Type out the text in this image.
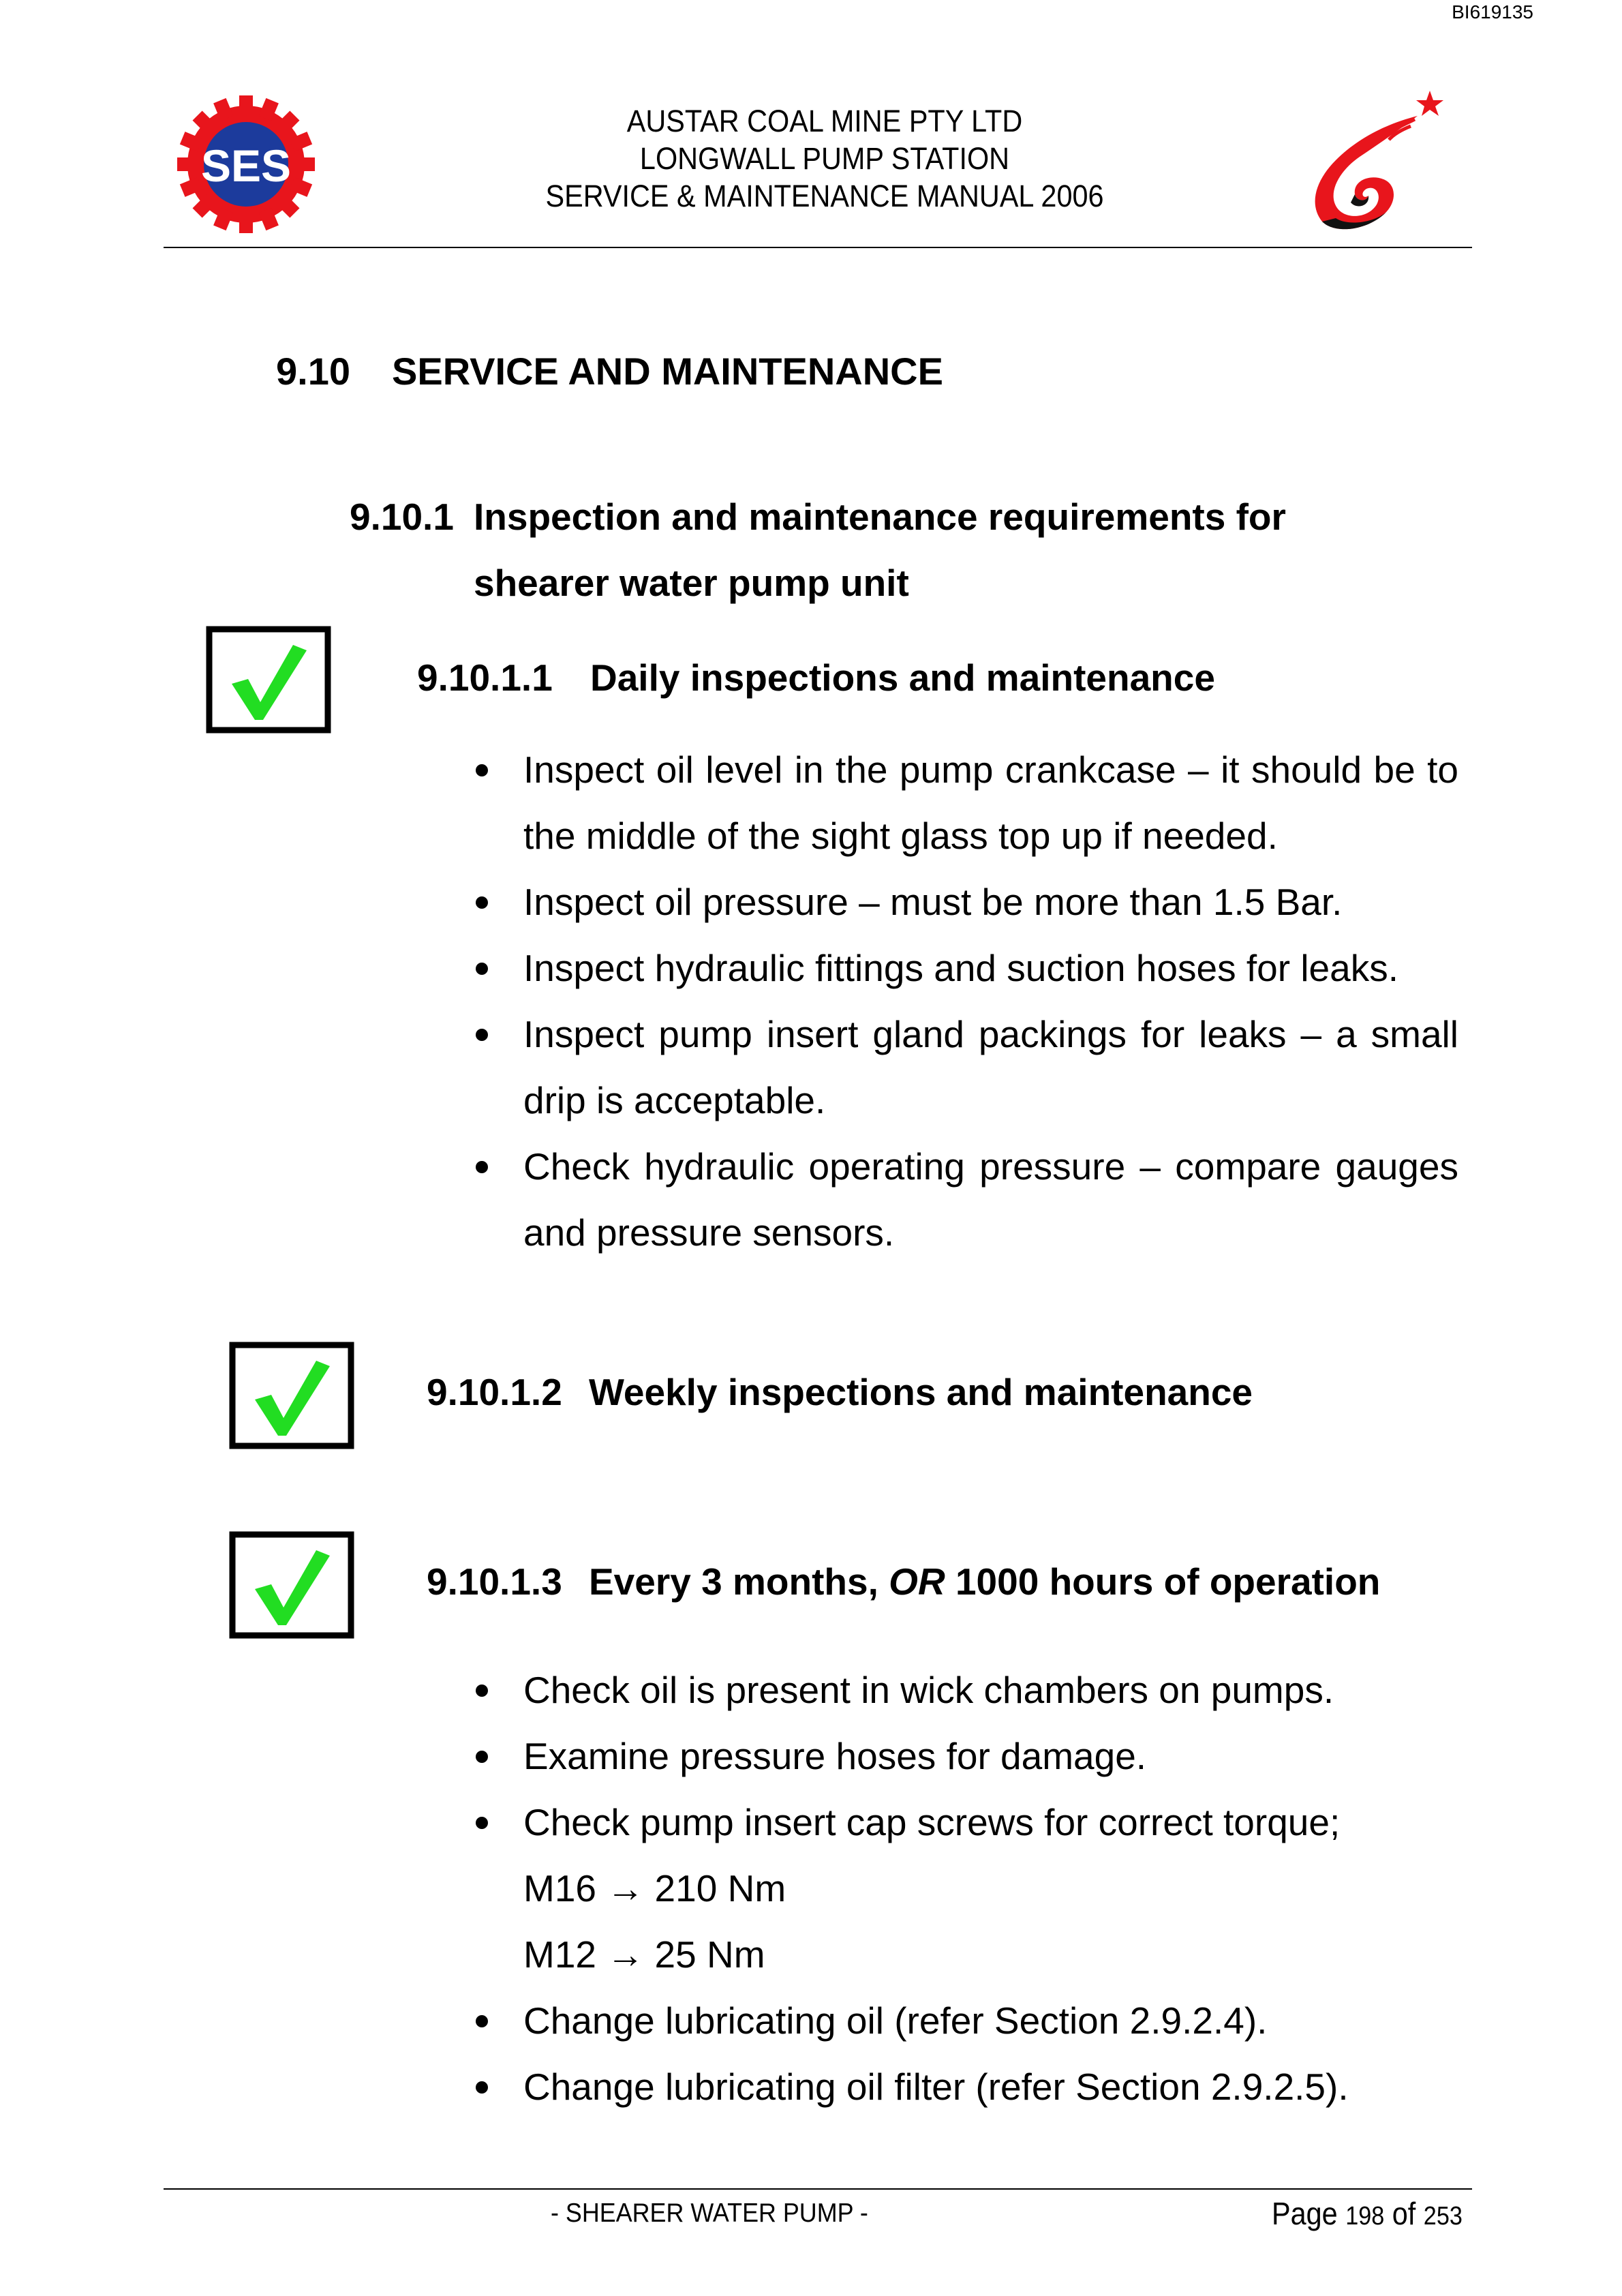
BI619135
SES
AUSTAR COAL MINE PTY LTD
LONGWALL PUMP STATION
SERVICE & MAINTENANCE MANUAL 2006
9.10 SERVICE AND MAINTENANCE
9.10.1 Inspection and maintenance requirements for
shearer water pump unit
9.10.1.1 Daily inspections and maintenance
Inspect oil level in the pump crankcase – it should be to the middle of the sight glass top up if needed.
Inspect oil pressure – must be more than 1.5 Bar.
Inspect hydraulic fittings and suction hoses for leaks.
Inspect pump insert gland packings for leaks – a small drip is acceptable.
Check hydraulic operating pressure – compare gauges and pressure sensors.
9.10.1.2 Weekly inspections and maintenance
9.10.1.3 Every 3 months, OR 1000 hours of operation
Check oil is present in wick chambers on pumps.
Examine pressure hoses for damage.
Check pump insert cap screws for correct torque;
M16 → 210 Nm
M12 → 25 Nm
Change lubricating oil (refer Section 2.9.2.4).
Change lubricating oil filter (refer Section 2.9.2.5).
- SHEARER WATER PUMP -	Page 198 of 253
